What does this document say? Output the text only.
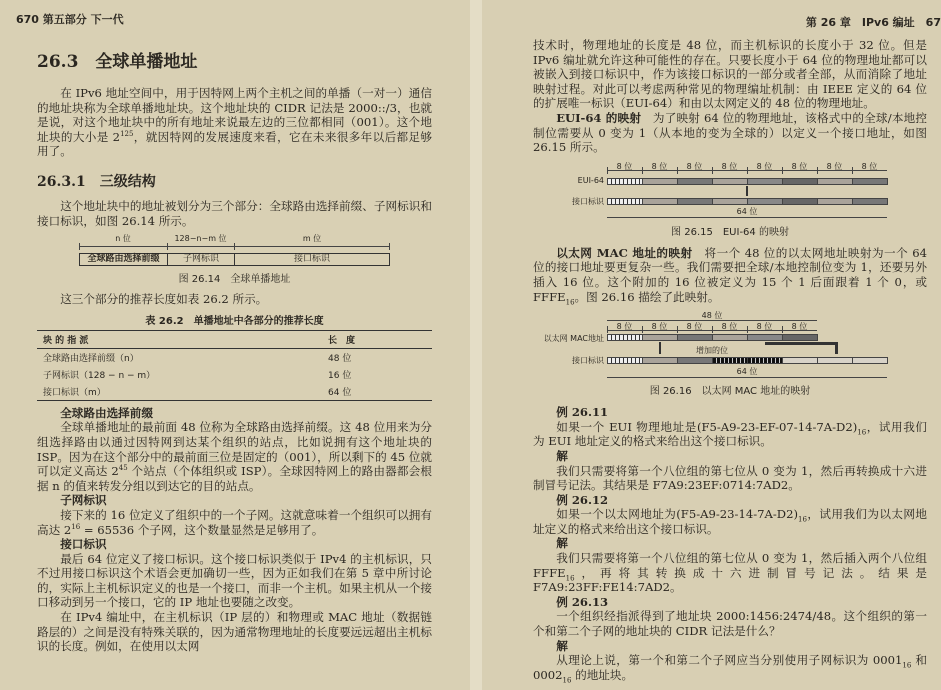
670 第五部分 下一代
26.3　全球单播地址
在 IPv6 地址空间中，用于因特网上两个主机之间的单播（一对一）通信的地址块称为全球单播地址块。这个地址块的 CIDR 记法是 2000::/3，也就是说，对这个地址块中的所有地址来说最左边的三位都相同（001）。这个地址块的大小是 $2^{125}$，就因特网的发展速度来看，它在未来很多年以后都足够用了。
26.3.1　三级结构
这个地址块中的地址被划分为三个部分：全球路由选择前缀、子网标识和接口标识，如图 26.14 所示。
n 位	128−n−m 位	m 位
全球路由选择前缀	子网标识	接口标识
图 26.14　全球单播地址
这三个部分的推荐长度如表 26.2 所示。
表 26.2　单播地址中各部分的推荐长度
块 的 指 派	长　度
全球路由选择前缀（n）	48 位
子网标识（128 − n − m）	16 位
接口标识（m）	64 位
全球路由选择前缀
全球单播地址的最前面 48 位称为全球路由选择前缀。这 48 位用来为分组选择路由以通过因特网到达某个组织的站点，比如说拥有这个地址块的 ISP。因为在这个部分中的最前面三位是固定的（001），所以剩下的 45 位就可以定义高达 $2^{45}$ 个站点（个体组织或 ISP）。全球因特网上的路由器都会根据 n 的值来转发分组以到达它的目的站点。
子网标识
接下来的 16 位定义了组织中的一个子网。这就意味着一个组织可以拥有高达 $2^{16} = 65536$ 个子网，这个数量显然是足够用了。
接口标识
最后 64 位定义了接口标识。这个接口标识类似于 IPv4 的主机标识，只不过用接口标识这个术语会更加确切一些，因为正如我们在第 5 章中所讨论的，实际上主机标识定义的也是一个接口，而非一个主机。如果主机从一个接口移动到另一个接口，它的 IP 地址也要随之改变。
在 IPv4 编址中，在主机标识（IP 层的）和物理或 MAC 地址（数据链路层的）之间是没有特殊关联的，因为通常物理地址的长度要远远超出主机标识的长度。例如，在使用以太网
第 26 章　IPv6 编址　67
技术时，物理地址的长度是 48 位，而主机标识的长度小于 32 位。但是 IPv6 编址就允许这种可能性的存在。只要长度小于 64 位的物理地址都可以被嵌入到接口标识中，作为该接口标识的一部分或者全部，从而消除了地址映射过程。对此可以考虑两种常见的物理编址机制：由 IEEE 定义的 64 位的扩展唯一标识（EUI-64）和由以太网定义的 48 位的物理地址。
EUI-64 的映射　为了映射 64 位的物理地址，该格式中的全球/本地控制位需要从 0 变为 1（从本地的变为全球的）以定义一个接口地址，如图 26.15 所示。
8 位	8 位	8 位	8 位	8 位	8 位	8 位	8 位
EUI-64
接口标识
64 位
图 26.15　EUI-64 的映射
以太网 MAC 地址的映射　将一个 48 位的以太网地址映射为一个 64 位的接口地址要更复杂一些。我们需要把全球/本地控制位变为 1，还要另外插入 16 位。这个附加的 16 位被定义为 15 个 1 后面跟着 1 个 0，或 $FFFE_{16}$。图 26.16 描绘了此映射。
48 位
8 位	8 位	8 位	8 位	8 位	8 位
以太网 MAC地址
增加的位
接口标识
64 位
图 26.16　以太网 MAC 地址的映射
例 26.11
如果一个 EUI 物理地址是$(F5-A9-23-EF-07-14-7A-D2)_{16}$，试用我们为 EUI 地址定义的格式来给出这个接口标识。
解
我们只需要将第一个八位组的第七位从 0 变为 1，然后再转换成十六进制冒号记法。其结果是 F7A9:23EF:0714:7AD2。
例 26.12
如果一个以太网地址为$(F5-A9-23-14-7A-D2)_{16}$，试用我们为以太网地址定义的格式来给出这个接口标识。
解
我们只需要将第一个八位组的第七位从 0 变为 1，然后插入两个八位组 $FFFE_{16}$，再将其转换成十六进制冒号记法。结果是 F7A9:23FF:FE14:7AD2。
例 26.13
一个组织经指派得到了地址块 2000:1456:2474/48。这个组织的第一个和第二个子网的地址块的 CIDR 记法是什么？
解
从理论上说，第一个和第二个子网应当分别使用子网标识为 $0001_{16}$ 和 $0002_{16}$ 的地址块。
